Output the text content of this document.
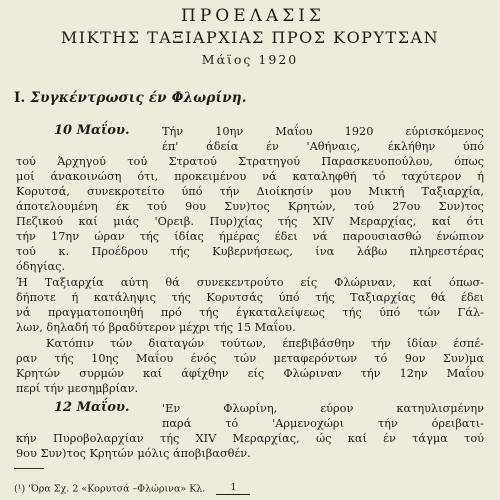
ΠΡΟΕΛΑΣΙΣ
ΜΙΚΤΗΣ ΤΑΞΙΑΡΧΙΑΣ ΠΡΟΣ ΚΟΡΥΤΣΑΝ
Μάϊος 1920
Ι. Συγκέντρωσις έν Φλωρίνη.
10 Μαΐου.	Τήν 10ην Μαΐου 1920 εύρισκόμενος
έπ' άδεία έν 'Αθήναις, έκλήθην ύπό
τού Άρχηγού τού Στρατού Στρατηγού Παρασκευοπούλου, όπως
μοί άνακοινώση ότι, προκειμένου νά καταληφθή τό ταχύτερον ή
Κορυτσά, συνεκροτείτο ύπό τήν Διοίκησίν μου Μικτή Ταξιαρχία,
άποτελουμένη έκ τού 9ου Συν)τος Κρητών, τού 27ου Συν)τος
Πεζικού καί μιάς 'Ορειβ. Πυρ)χίας τής ΧΙV Μεραρχίας, καί ότι
τήν 17ην ώραν τής ίδίας ήμέρας έδει νά παρουσιασθώ ένώπιον
τού κ. Προέδρου τής Κυβερνήσεως, ίνα λάβω πληρεστέρας
όδηγίας.
Ή Ταξιαρχία αύτη θά συνεκεντρούτο είς Φλώριναν, καί όπωσ-
δήποτε ή κατάληψις τής Κορυτσάς ύπό τής Ταξιαρχίας θά έδει
νά πραγματοποιηθή πρό τής έγκαταλείψεως τής ύπό τών Γάλ-
λων, δηλαδή τό βραδύτερον μέχρι τής 15 Μαΐου.
Κατόπιν τών διαταγών τούτων, έπεβιβάσθην τήν ίδίαν έσπέ-
ραν τής 10ης Μαΐου ένός τών μεταφερόντων τό 9ον Συν)μα
Κρητών συρμών καί άφίχθην είς Φλώριναν τήν 12ην Μαΐου
περί τήν μεσημβρίαν.
12 Μαΐου.	'Εν Φλωρίνη, εύρον κατηυλισμένην
παρά τό 'Αρμενοχώρι τήν όρειβατι-
κήν Πυροβολαρχίαν τής ΧΙV Μεραρχίας, ώς καί έν τάγμα τού
9ου Συν)τος Κρητών μόλις άποβιβασθέν.
(¹) 'Όρα Σχ. 2 «Κορυτσά –Φλώρινα» Κλ.	1
